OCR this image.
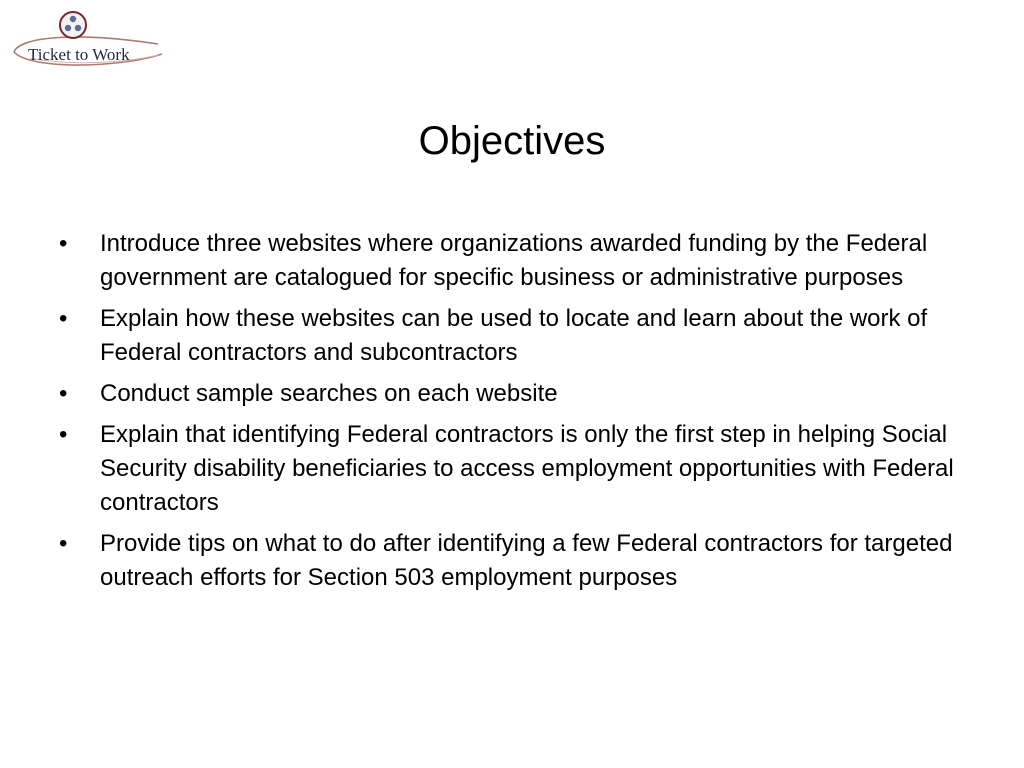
Ticket to Work
Objectives
• Introduce three websites where organizations awarded funding by the Federal government are catalogued for specific business or administrative purposes
• Explain how these websites can be used to locate and learn about the work of Federal contractors and subcontractors
• Conduct sample searches on each website
• Explain that identifying Federal contractors is only the first step in helping Social Security disability beneficiaries to access employment opportunities with Federal contractors
• Provide tips on what to do after identifying a few Federal contractors for targeted outreach efforts for Section 503 employment purposes
